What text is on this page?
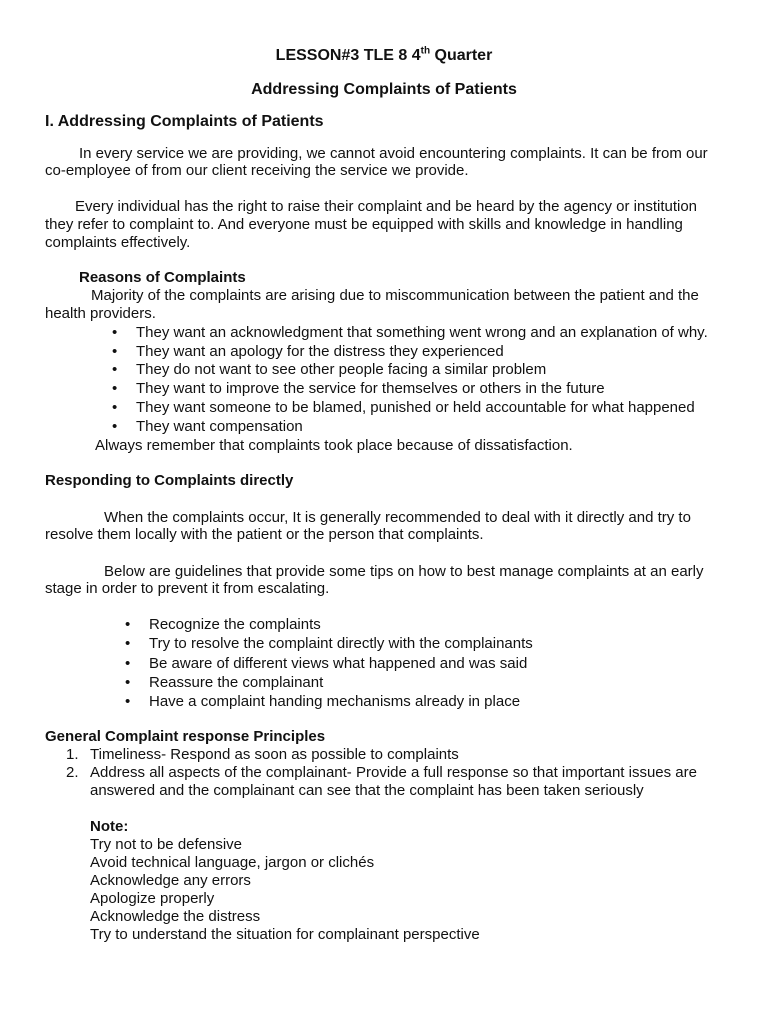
LESSON#3 TLE 8 4th Quarter
Addressing Complaints of Patients
I. Addressing Complaints of Patients
In every service we are providing, we cannot avoid encountering complaints. It can be from our
co-employee of from our client receiving the service we provide.
Every individual has the right to raise their complaint and be heard by the agency or institution
they refer to complaint to. And everyone must be equipped with skills and knowledge in handling
complaints effectively.
Reasons of Complaints
Majority of the complaints are arising due to miscommunication between the patient and the
health providers.
• They want an acknowledgment that something went wrong and an explanation of why.
• They want an apology for the distress they experienced
• They do not want to see other people facing a similar problem
• They want to improve the service for themselves or others in the future
• They want someone to be blamed, punished or held accountable for what happened
• They want compensation
Always remember that complaints took place because of dissatisfaction.
Responding to Complaints directly
When the complaints occur, It is generally recommended to deal with it directly and try to
resolve them locally with the patient or the person that complaints.
Below are guidelines that provide some tips on how to best manage complaints at an early
stage in order to prevent it from escalating.
• Recognize the complaints
• Try to resolve the complaint directly with the complainants
• Be aware of different views what happened and was said
• Reassure the complainant
• Have a complaint handing mechanisms already in place
General Complaint response Principles
1. Timeliness- Respond as soon as possible to complaints
2. Address all aspects of the complainant- Provide a full response so that important issues are
answered and the complainant can see that the complaint has been taken seriously
Note:
Try not to be defensive
Avoid technical language, jargon or clichés
Acknowledge any errors
Apologize properly
Acknowledge the distress
Try to understand the situation for complainant perspective
